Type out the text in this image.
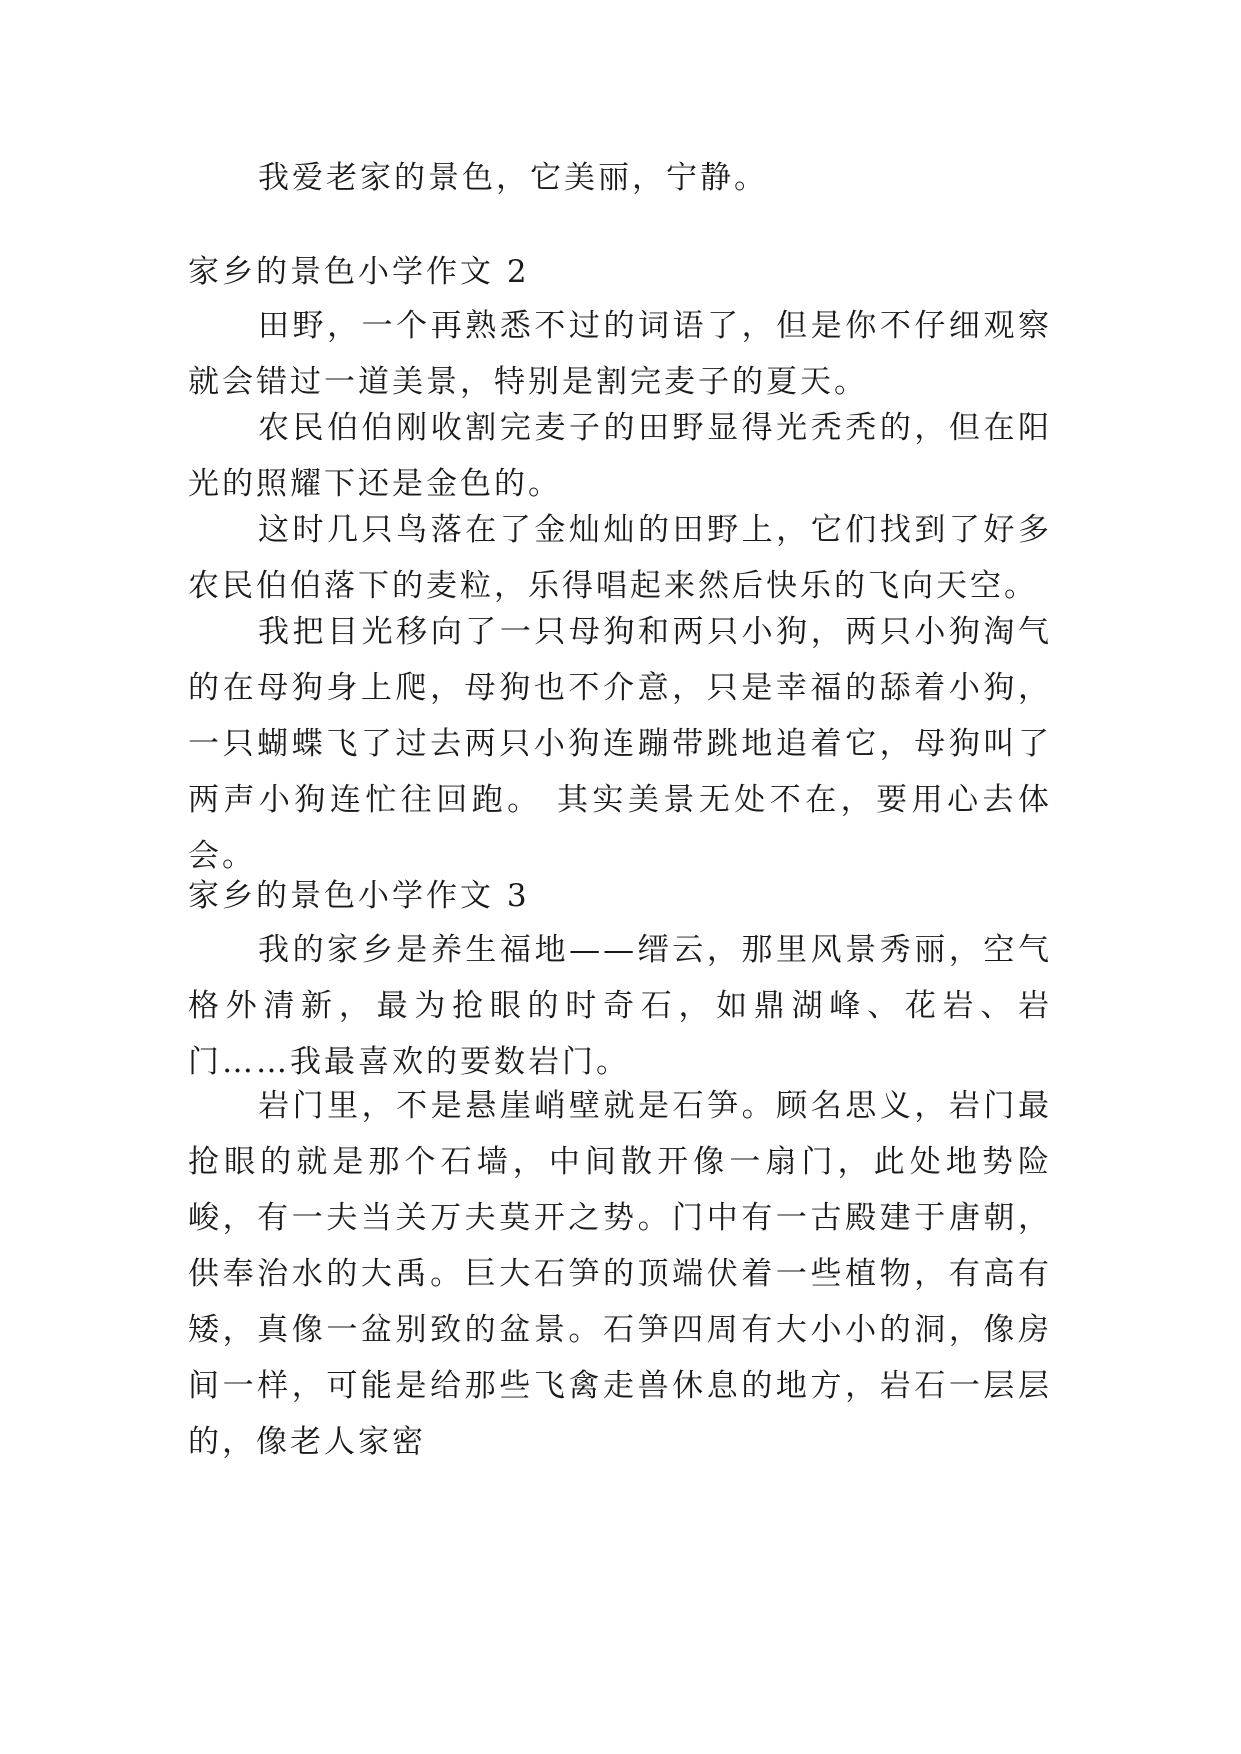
我爱老家的景色，它美丽，宁静。

家乡的景色小学作文 2

田野，一个再熟悉不过的词语了，但是你不仔细观察就会错过一道美景，特别是割完麦子的夏天。

农民伯伯刚收割完麦子的田野显得光秃秃的，但在阳光的照耀下还是金色的。

这时几只鸟落在了金灿灿的田野上，它们找到了好多农民伯伯落下的麦粒，乐得唱起来然后快乐的飞向天空。

我把目光移向了一只母狗和两只小狗，两只小狗淘气的在母狗身上爬，母狗也不介意，只是幸福的舔着小狗，一只蝴蝶飞了过去两只小狗连蹦带跳地追着它，母狗叫了两声小狗连忙往回跑。 其实美景无处不在，要用心去体会。

家乡的景色小学作文 3

我的家乡是养生福地——缙云，那里风景秀丽，空气格外清新，最为抢眼的时奇石，如鼎湖峰、花岩、岩门……我最喜欢的要数岩门。

岩门里，不是悬崖峭壁就是石笋。顾名思义，岩门最抢眼的就是那个石墙，中间散开像一扇门，此处地势险峻，有一夫当关万夫莫开之势。门中有一古殿建于唐朝，供奉治水的大禹。巨大石笋的顶端伏着一些植物，有高有矮，真像一盆别致的盆景。石笋四周有大小小的洞，像房间一样，可能是给那些飞禽走兽休息的地方，岩石一层层的，像老人家密
